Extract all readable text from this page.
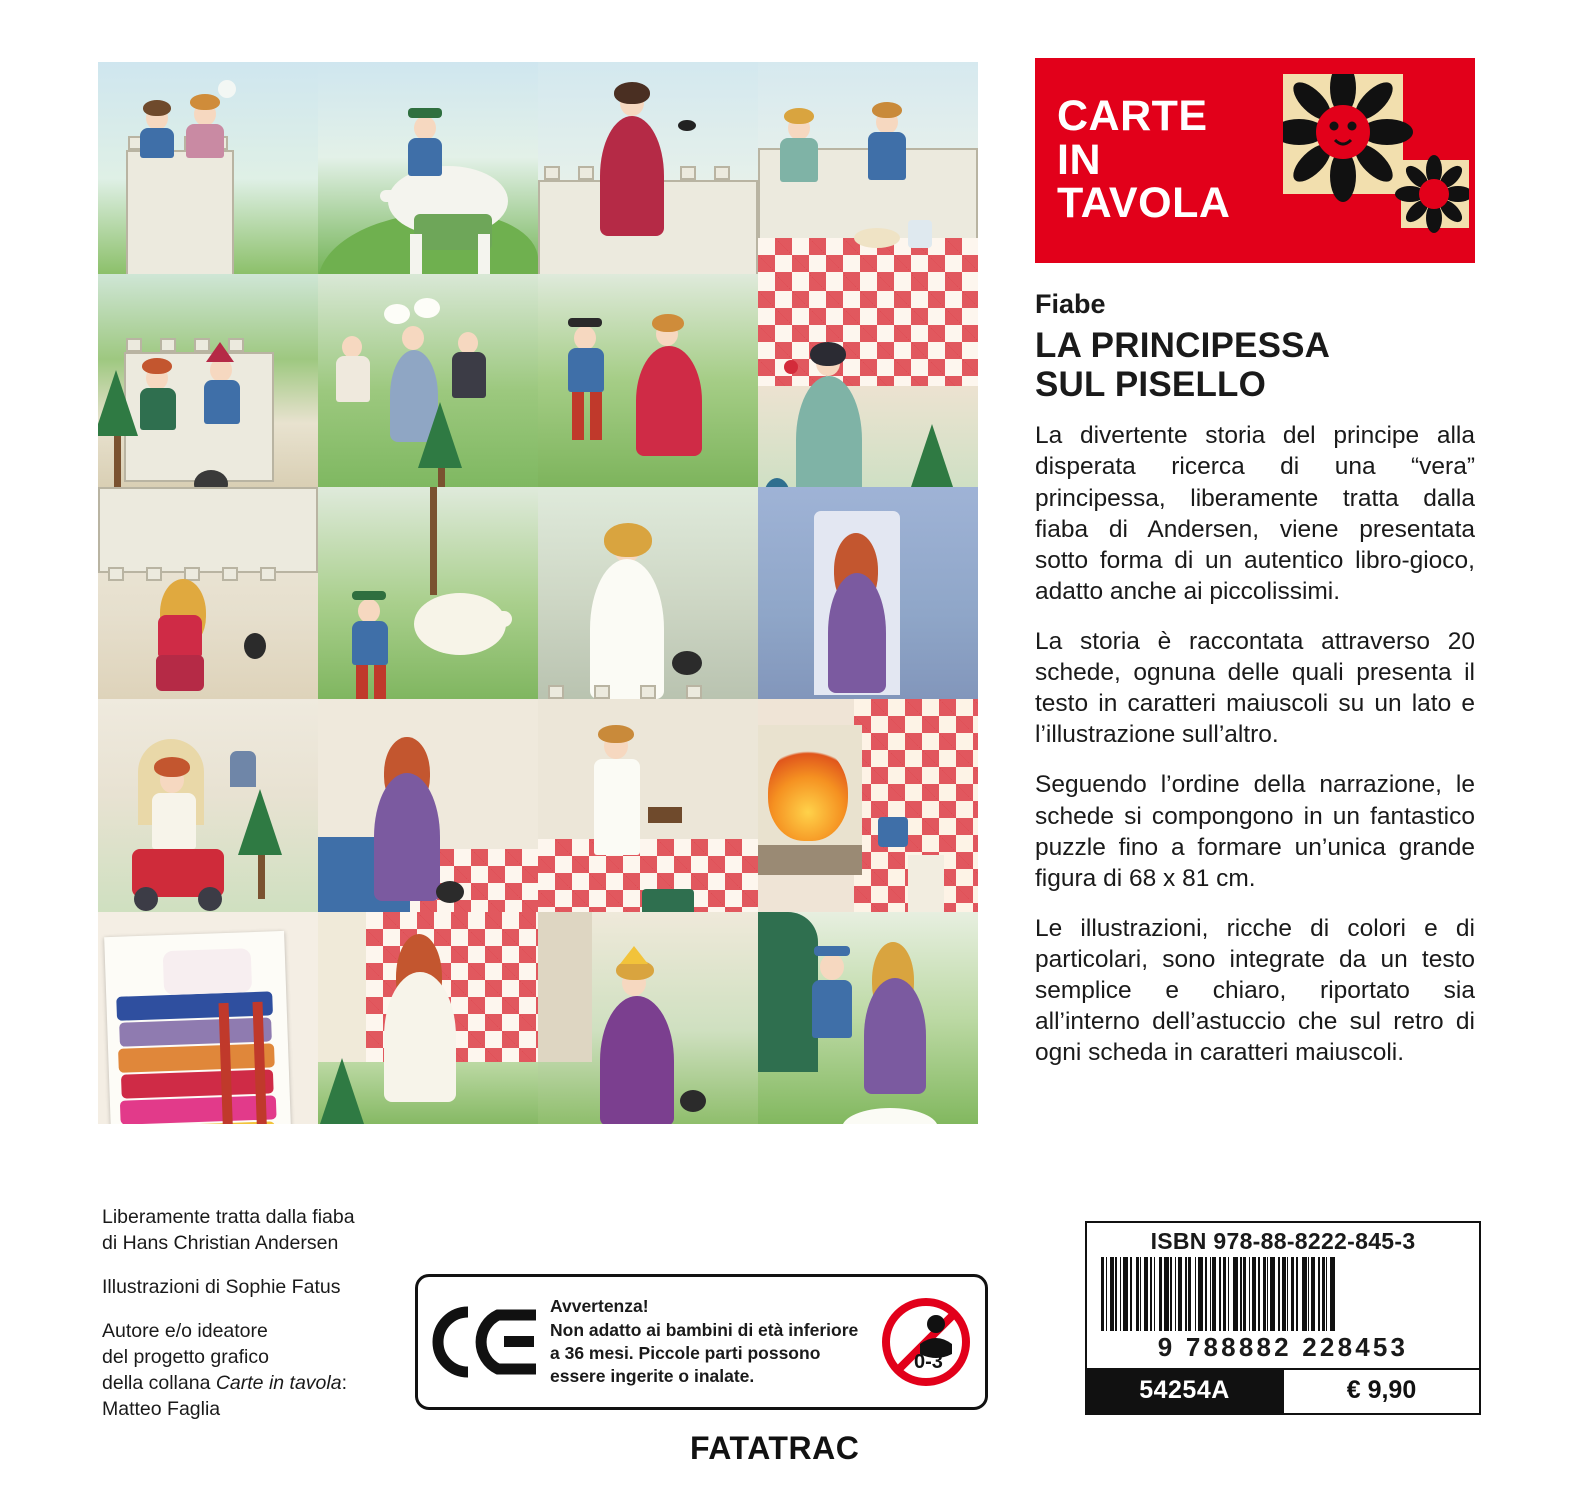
Liberamente tratta dalla fiaba
di Hans Christian Andersen

Illustrazioni di Sophie Fatus

Autore e/o ideatore
del progetto grafico
della collana Carte in tavola:
Matteo Faglia

Avvertenza!
Non adatto ai bambini di età inferiore
a 36 mesi. Piccole parti possono
essere ingerite o inalate.
0-3
FATATRAC
CARTE
IN
TAVOLA
Fiabe
LA PRINCIPESSA
SUL PISELLO

La divertente storia del principe alla disperata ricerca di una “vera” principessa, liberamente tratta dalla fiaba di Andersen, viene presentata sotto forma di un autentico libro-gioco, adatto anche ai piccolissimi.

La storia è raccontata attraverso 20 schede, ognuna delle quali presenta il testo in caratteri maiuscoli su un lato e l’illustrazione sull’altro.

Seguendo l’ordine della narrazione, le schede si compongono in un fantastico puzzle fino a formare un’unica grande figura di 68 x 81 cm.

Le illustrazioni, ricche di colori e di particolari, sono integrate da un testo semplice e chiaro, riportato sia all’interno dell’astuccio che sul retro di ogni scheda in caratteri maiuscoli.

ISBN 978-88-8222-845-3
9 788882 228453
54254A	€ 9,90
